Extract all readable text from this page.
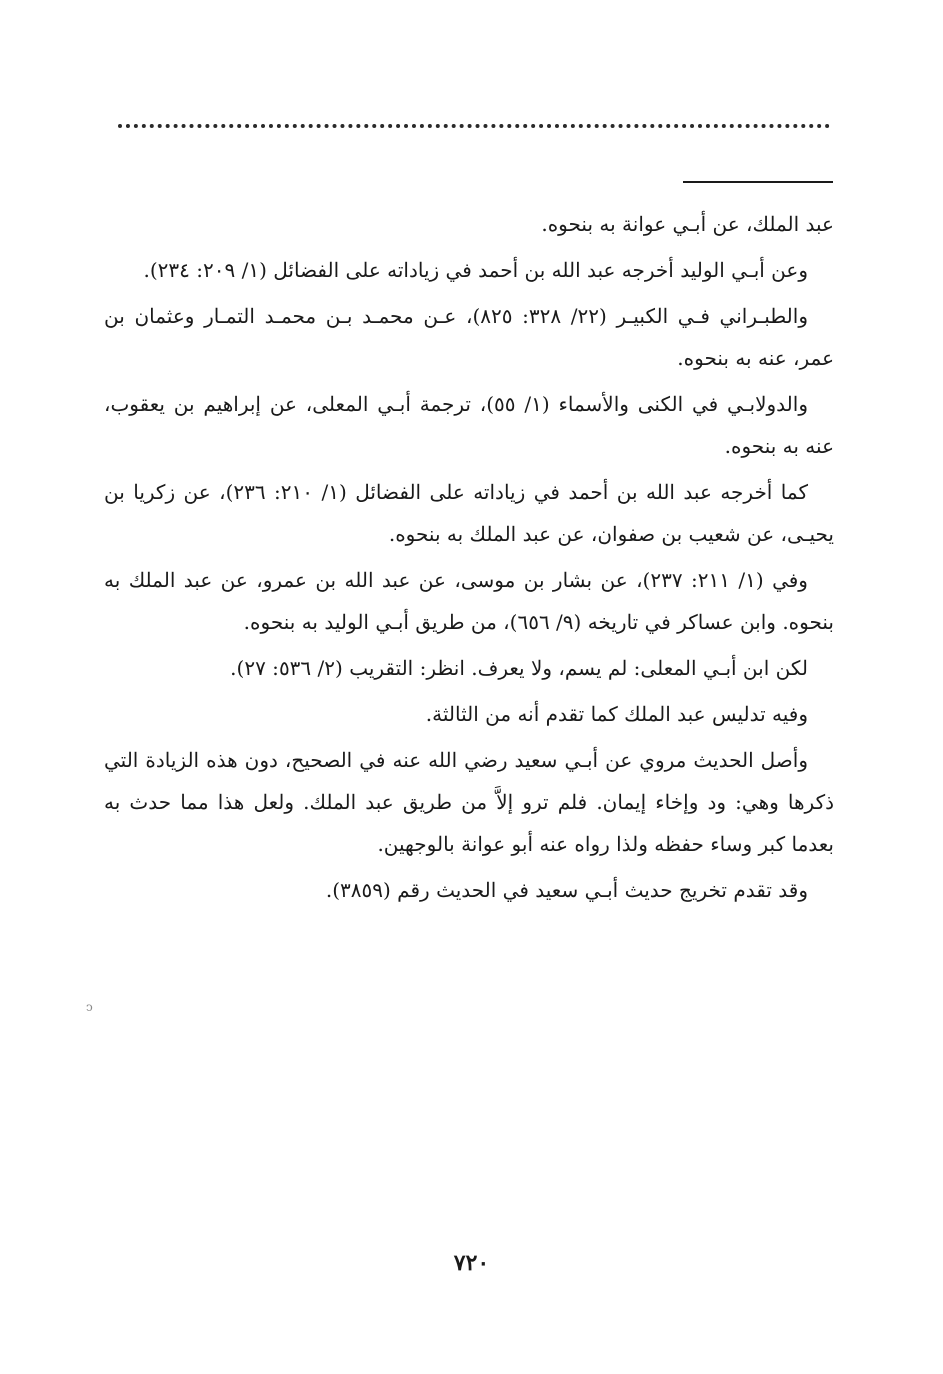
عبد الملك، عن أبـي عوانة به بنحوه.

وعن أبـي الوليد أخرجه عبد الله بن أحمد في زياداته على الفضائل (١/ ٢٠٩: ٢٣٤).

والطبـراني فـي الكبيـر (٢٢/ ٣٢٨: ٨٢٥)، عـن محمـد بـن محمـد التمـار وعثمان بن عمر، عنه به بنحوه.

والدولابـي في الكنى والأسماء (١/ ٥٥)، ترجمة أبـي المعلى، عن إبراهيم بن يعقوب، عنه به بنحوه.

كما أخرجه عبد الله بن أحمد في زياداته على الفضائل (١/ ٢١٠: ٢٣٦)، عن زكريا بن يحيـى، عن شعيب بن صفوان، عن عبد الملك به بنحوه.

وفي (١/ ٢١١: ٢٣٧)، عن بشار بن موسى، عن عبد الله بن عمرو، عن عبد الملك به بنحوه. وابن عساكر في تاريخه (٩/ ٦٥٦)، من طريق أبـي الوليد به بنحوه.

لكن ابن أبـي المعلى: لم يسم، ولا يعرف. انظر: التقريب (٢/ ٥٣٦: ٢٧).

وفيه تدليس عبد الملك كما تقدم أنه من الثالثة.

وأصل الحديث مروي عن أبـي سعيد رضي الله عنه في الصحيح، دون هذه الزيادة التي ذكرها وهي: ود وإخاء إيمان. فلم ترو إلاَّ من طريق عبد الملك. ولعل هذا مما حدث به بعدما كبر وساء حفظه ولذا رواه عنه أبو عوانة بالوجهين.

وقد تقدم تخريج حديث أبـي سعيد في الحديث رقم (٣٨٥٩).

ↄ
٧٢٠
